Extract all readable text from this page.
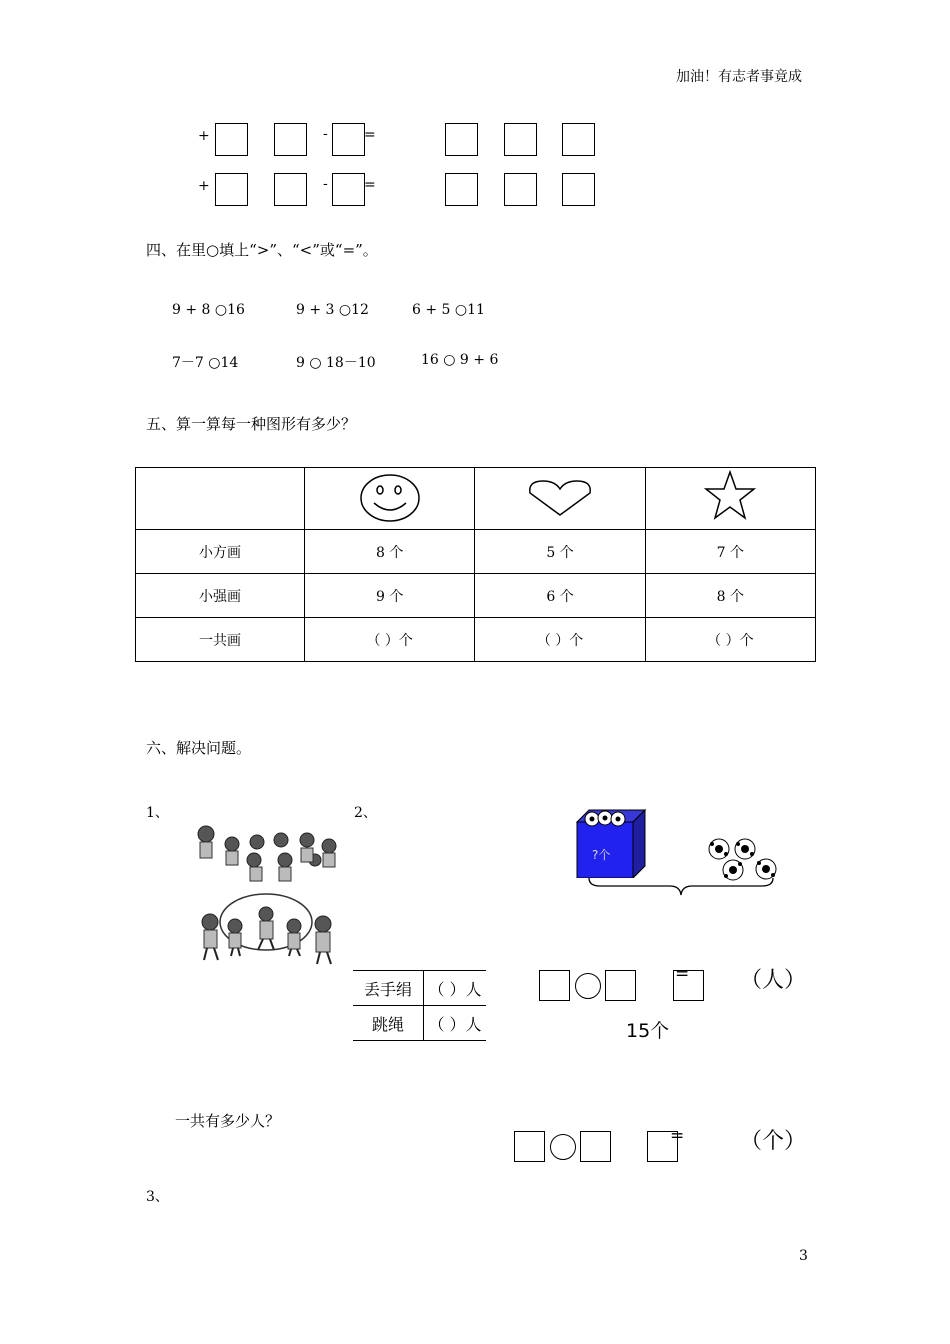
加油！有志者事竟成
+	-	=
+	-	=
四、在里○填上“>”、“<”或“=”。
9 + 8 ○16	9 + 3 ○12	6 + 5 ○11
7－7 ○14	9 ○ 18－10	16 ○ 9 + 6
五、算一算每一种图形有多少？

小方画	8 个	5 个	7 个
小强画	9 个	6 个	8 个
一共画	（ ）个	（ ）个	（ ）个
六、解决问题。
1、	2、
丢手绢	（ ）人
跳绳	（ ）人
?个
= （人）
15个
一共有多少人？
=	（个）
3、
3
